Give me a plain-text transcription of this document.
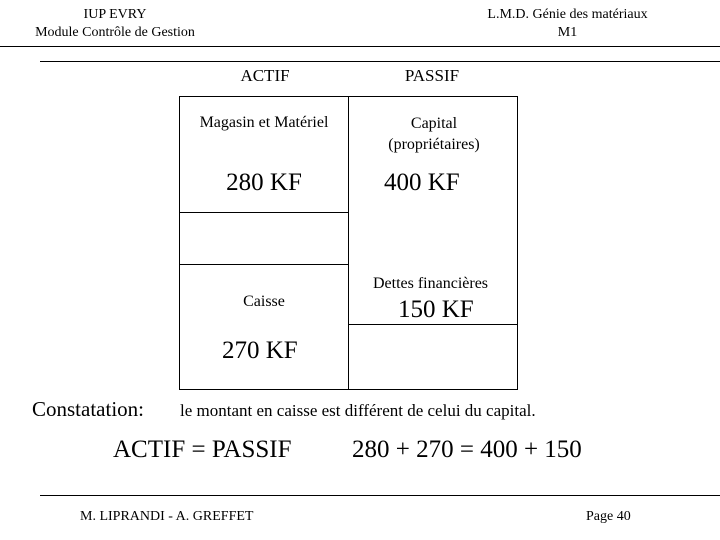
IUP EVRY
Module Contrôle de Gestion
L.M.D. Génie des matériaux
M1
ACTIF	PASSIF
Magasin et Matériel
280 KF
Caisse
270 KF
Capital
(propriétaires)
400 KF
Dettes financières
150 KF
Constatation: le montant en caisse est différent de celui du capital.
ACTIF = PASSIF 280 + 270 = 400 + 150
M. LIPRANDI - A. GREFFET	Page 40
